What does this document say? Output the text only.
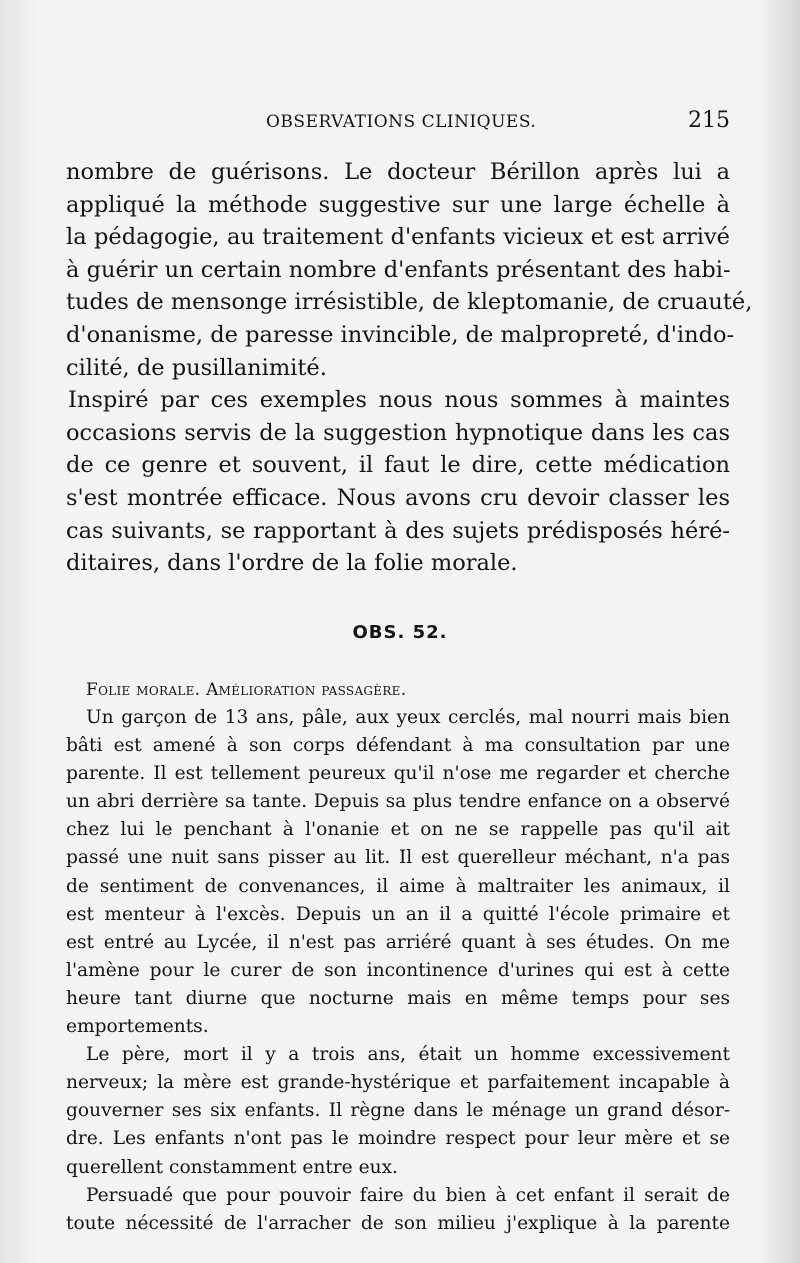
OBSERVATIONS CLINIQUES.	215
nombre de guérisons. Le docteur Bérillon après lui a
appliqué la méthode suggestive sur une large échelle à
la pédagogie, au traitement d'enfants vicieux et est arrivé
à guérir un certain nombre d'enfants présentant des habi-
tudes de mensonge irrésistible, de kleptomanie, de cruauté,
d'onanisme, de paresse invincible, de malpropreté, d'indo-
cilité, de pusillanimité.
Inspiré par ces exemples nous nous sommes à maintes
occasions servis de la suggestion hypnotique dans les cas
de ce genre et souvent, il faut le dire, cette médication
s'est montrée efficace. Nous avons cru devoir classer les
cas suivants, se rapportant à des sujets prédisposés héré-
ditaires, dans l'ordre de la folie morale.
OBS. 52.
Folie morale. Amélioration passagère.
Un garçon de 13 ans, pâle, aux yeux cerclés, mal nourri mais bien
bâti est amené à son corps défendant à ma consultation par une
parente. Il est tellement peureux qu'il n'ose me regarder et cherche
un abri derrière sa tante. Depuis sa plus tendre enfance on a observé
chez lui le penchant à l'onanie et on ne se rappelle pas qu'il ait
passé une nuit sans pisser au lit. Il est querelleur méchant, n'a pas
de sentiment de convenances, il aime à maltraiter les animaux, il
est menteur à l'excès. Depuis un an il a quitté l'école primaire et
est entré au Lycée, il n'est pas arriéré quant à ses études. On me
l'amène pour le curer de son incontinence d'urines qui est à cette
heure tant diurne que nocturne mais en même temps pour ses
emportements.
Le père, mort il y a trois ans, était un homme excessivement
nerveux; la mère est grande-hystérique et parfaitement incapable à
gouverner ses six enfants. Il règne dans le ménage un grand désor-
dre. Les enfants n'ont pas le moindre respect pour leur mère et se
querellent constamment entre eux.
Persuadé que pour pouvoir faire du bien à cet enfant il serait de
toute nécessité de l'arracher de son milieu j'explique à la parente
